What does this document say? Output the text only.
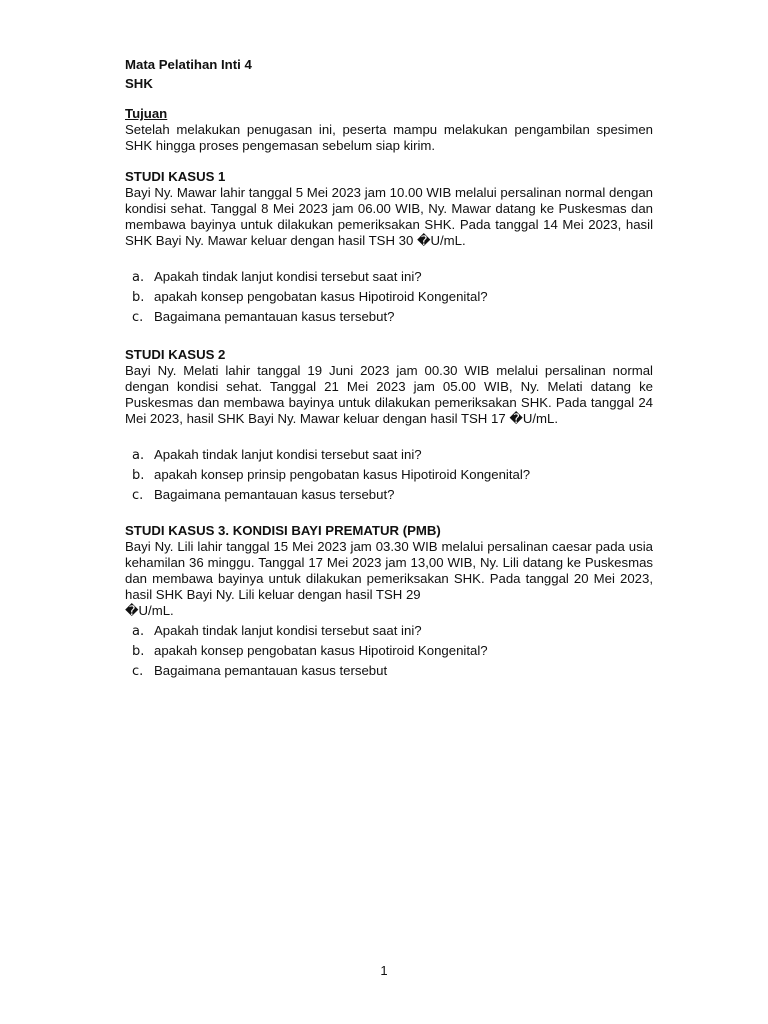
Mata Pelatihan Inti 4
SHK
Tujuan

Setelah melakukan penugasan ini, peserta mampu melakukan pengambilan spesimen SHK hingga proses pengemasan sebelum siap kirim.

STUDI KASUS 1

Bayi Ny. Mawar lahir tanggal 5 Mei 2023 jam 10.00 WIB melalui persalinan normal dengan kondisi sehat. Tanggal 8 Mei 2023 jam 06.00 WIB, Ny. Mawar datang ke Puskesmas dan membawa bayinya untuk dilakukan pemeriksakan SHK. Pada tanggal 14 Mei 2023, hasil SHK Bayi Ny. Mawar keluar dengan hasil TSH 30 �U/mL.

a. Apakah tindak lanjut kondisi tersebut saat ini?
b. apakah konsep pengobatan kasus Hipotiroid Kongenital?
c. Bagaimana pemantauan kasus tersebut?
STUDI KASUS 2

Bayi Ny. Melati lahir tanggal 19 Juni 2023 jam 00.30 WIB melalui persalinan normal dengan kondisi sehat. Tanggal 21 Mei 2023 jam 05.00 WIB, Ny. Melati datang ke Puskesmas dan membawa bayinya untuk dilakukan pemeriksakan SHK. Pada tanggal 24 Mei 2023, hasil SHK Bayi Ny. Mawar keluar dengan hasil TSH 17 �U/mL.

a. Apakah tindak lanjut kondisi tersebut saat ini?
b. apakah konsep prinsip pengobatan kasus Hipotiroid Kongenital?
c. Bagaimana pemantauan kasus tersebut?
STUDI KASUS 3. KONDISI BAYI PREMATUR (PMB)

Bayi Ny. Lili lahir tanggal 15 Mei 2023 jam 03.30 WIB melalui persalinan caesar pada usia kehamilan 36 minggu. Tanggal 17 Mei 2023 jam 13,00 WIB, Ny. Lili datang ke Puskesmas dan membawa bayinya untuk dilakukan pemeriksakan SHK. Pada tanggal 20 Mei 2023, hasil SHK Bayi Ny. Lili keluar dengan hasil TSH 29

�U/mL.
a. Apakah tindak lanjut kondisi tersebut saat ini?
b. apakah konsep pengobatan kasus Hipotiroid Kongenital?
c. Bagaimana pemantauan kasus tersebut
1
